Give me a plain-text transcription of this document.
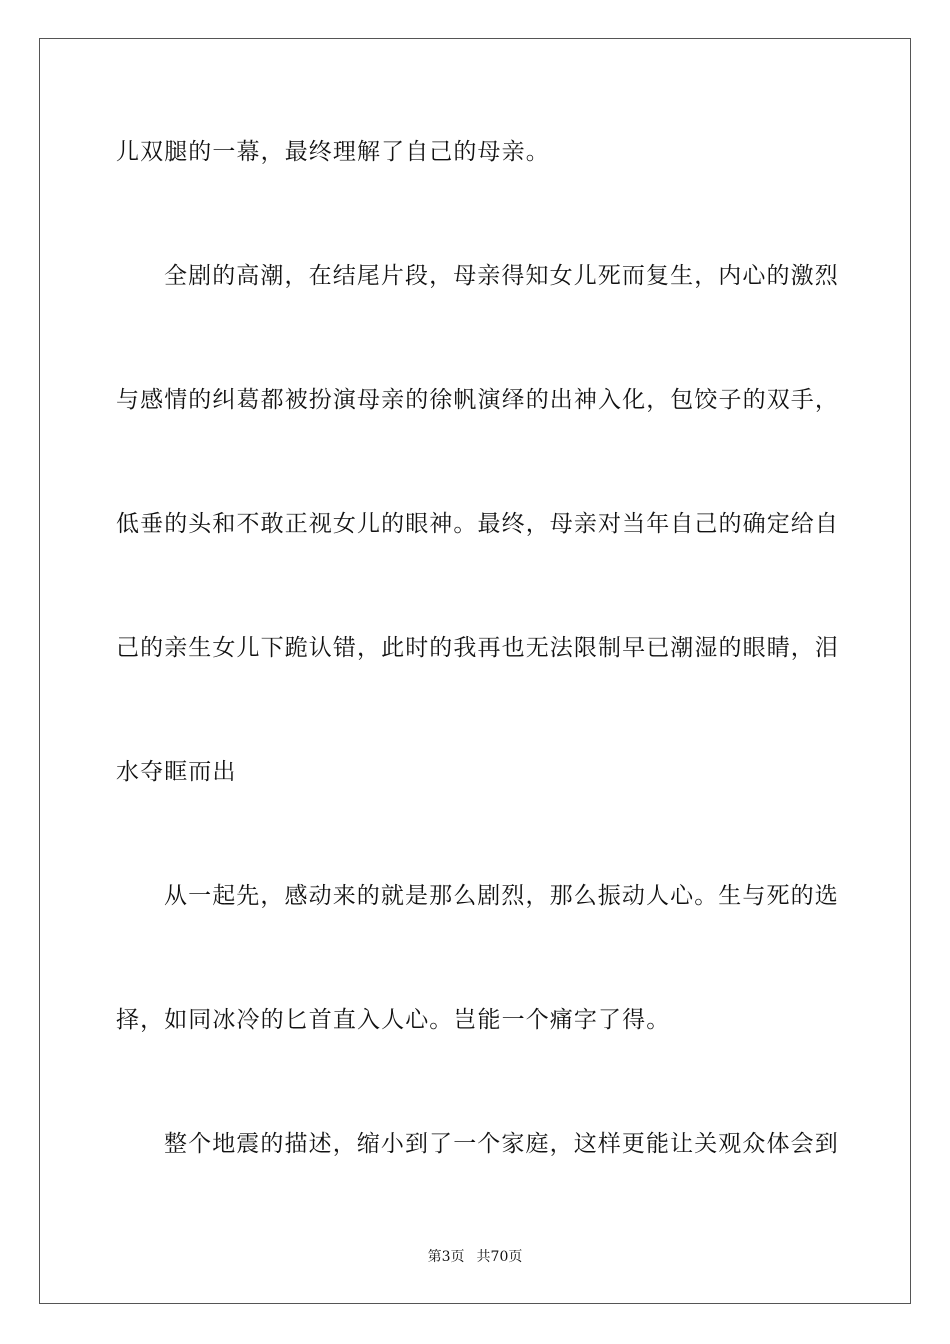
儿双腿的一幕，最终理解了自己的母亲。
全剧的高潮，在结尾片段，母亲得知女儿死而复生，内心的激烈
与感情的纠葛都被扮演母亲的徐帆演绎的出神入化，包饺子的双手，
低垂的头和不敢正视女儿的眼神。最终，母亲对当年自己的确定给自
己的亲生女儿下跪认错，此时的我再也无法限制早已潮湿的眼睛，泪
水夺眶而出
从一起先，感动来的就是那么剧烈，那么振动人心。生与死的选
择，如同冰冷的匕首直入人心。岂能一个痛字了得。
整个地震的描述，缩小到了一个家庭，这样更能让关观众体会到
第3页 共70页
